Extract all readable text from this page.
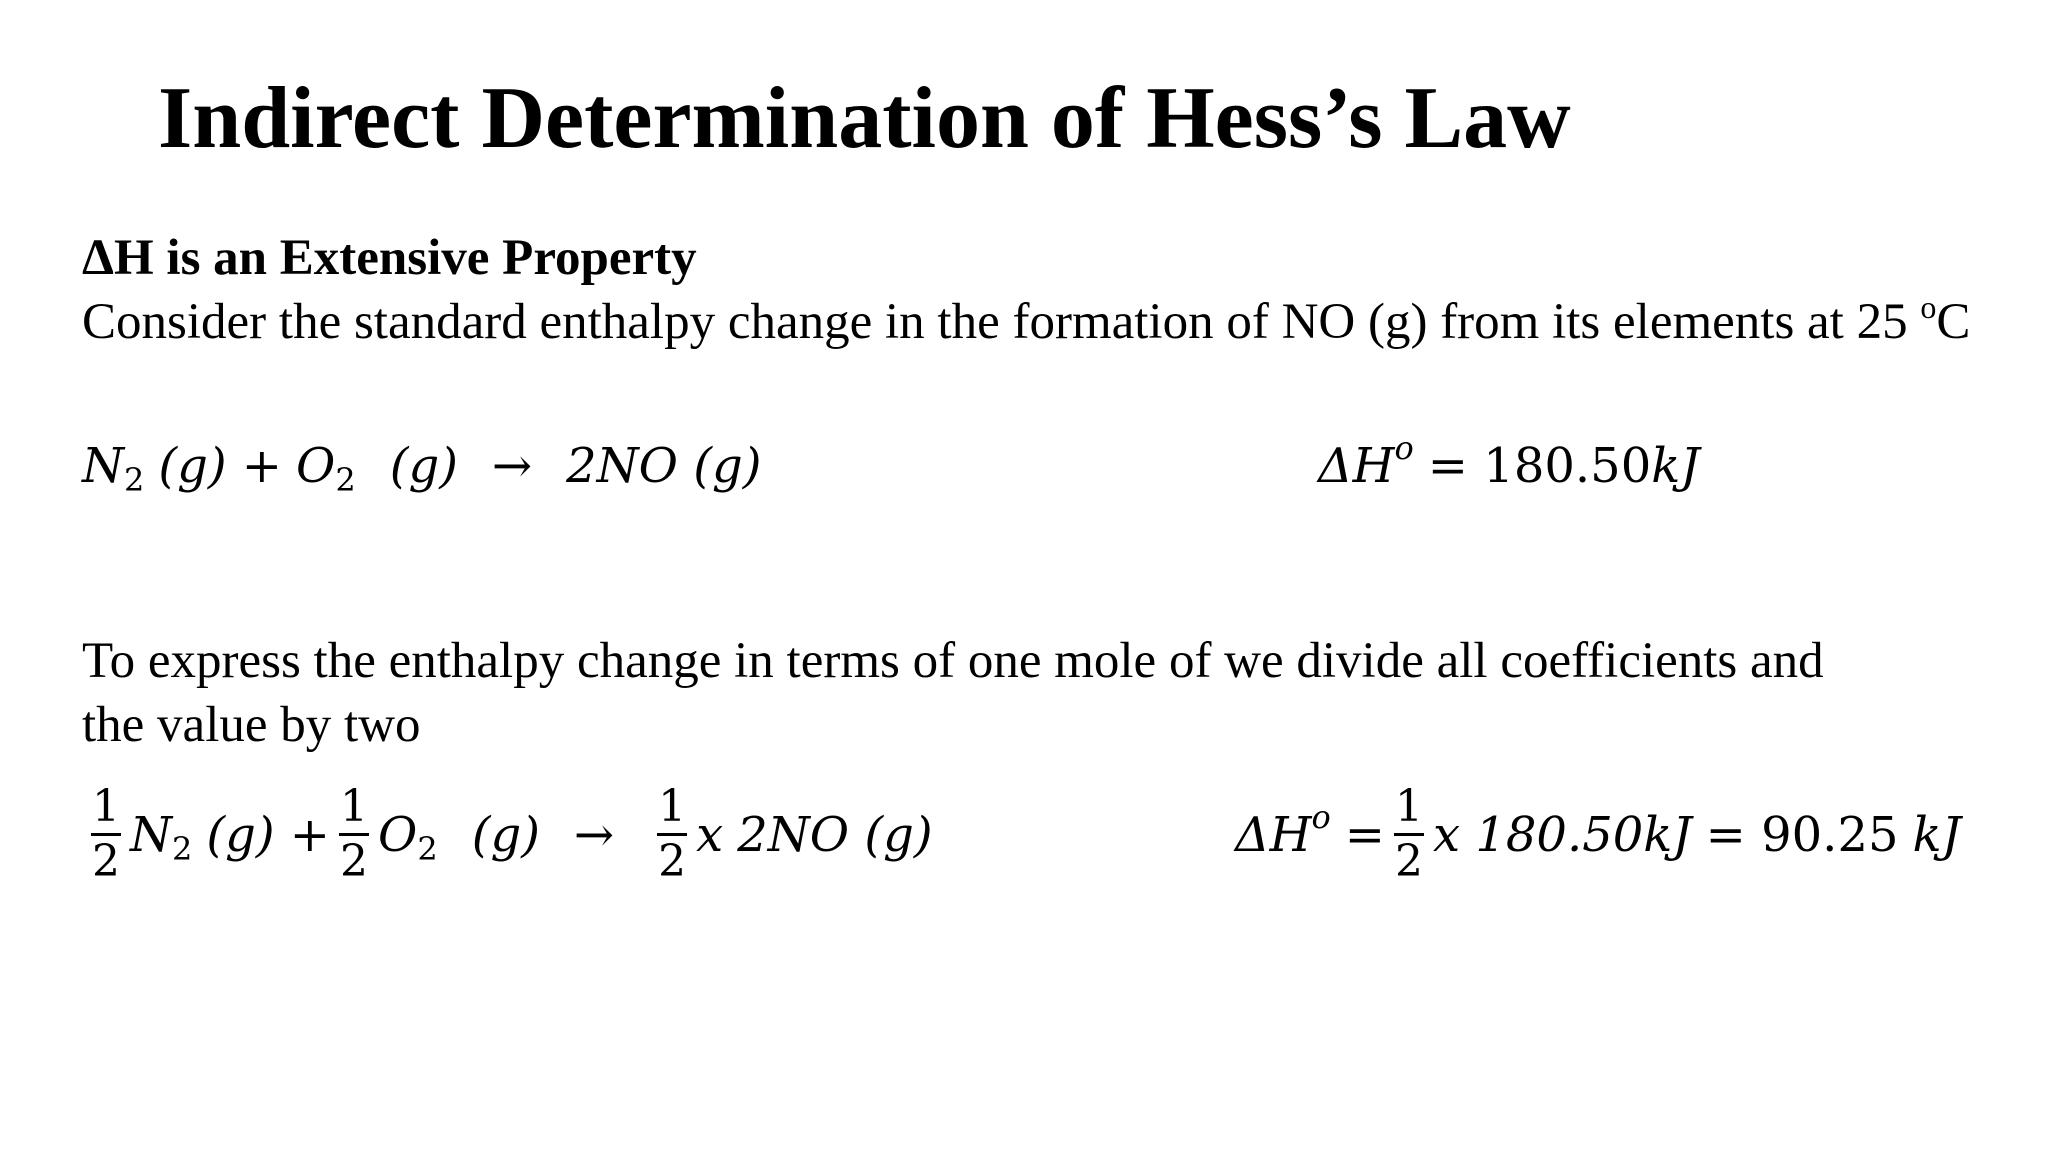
Indirect Determination of Hess’s Law
ΔH is an Extensive Property
Consider the standard enthalpy change in the formation of NO (g) from its elements at 25 $^o$C
N 2 (g) + O 2 (g) → 2NO (g)	ΔH o = 180.50 kJ
To express the enthalpy change in terms of one mole of we divide all coefficients and the value by two
$\frac{1}{2}$ N 2 $(g) + \frac{1}{2}$ O 2 $(g) \to \frac{1}{2}$ x 2NO (g)	ΔH $o = \frac{1}{2}$ x 180.50 kJ = 90.25 kJ
